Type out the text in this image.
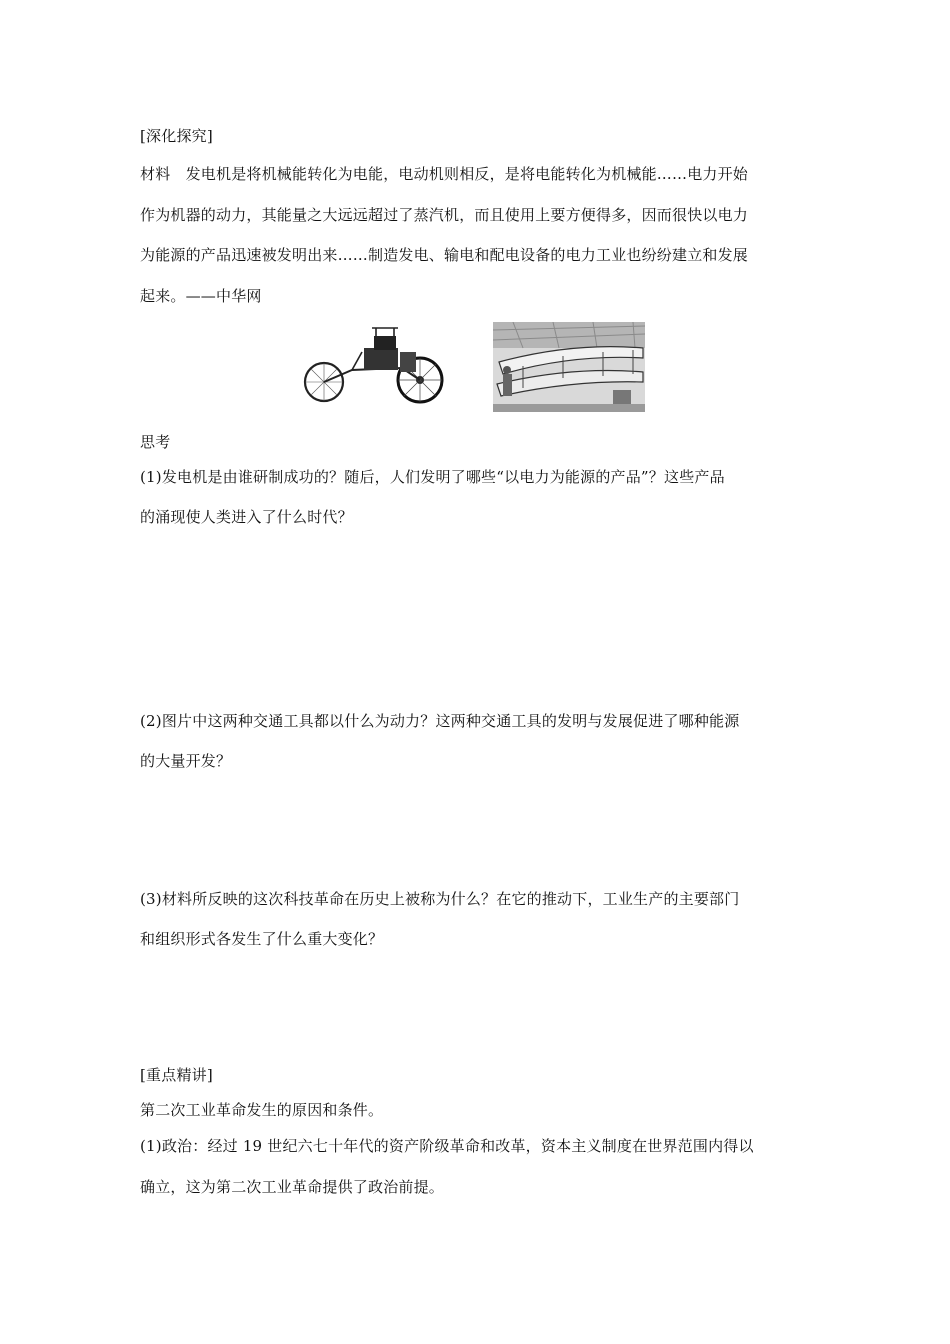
[深化探究]
材料　发电机是将机械能转化为电能，电动机则相反，是将电能转化为机械能……电力开始
作为机器的动力，其能量之大远远超过了蒸汽机，而且使用上要方便得多，因而很快以电力
为能源的产品迅速被发明出来……制造发电、输电和配电设备的电力工业也纷纷建立和发展
起来。——中华网
思考
(1)发电机是由谁研制成功的？随后，人们发明了哪些“以电力为能源的产品”？这些产品
的涌现使人类进入了什么时代？
(2)图片中这两种交通工具都以什么为动力？这两种交通工具的发明与发展促进了哪种能源
的大量开发？
(3)材料所反映的这次科技革命在历史上被称为什么？在它的推动下，工业生产的主要部门
和组织形式各发生了什么重大变化？
[重点精讲]
第二次工业革命发生的原因和条件。
(1)政治：经过 19 世纪六七十年代的资产阶级革命和改革，资本主义制度在世界范围内得以
确立，这为第二次工业革命提供了政治前提。
